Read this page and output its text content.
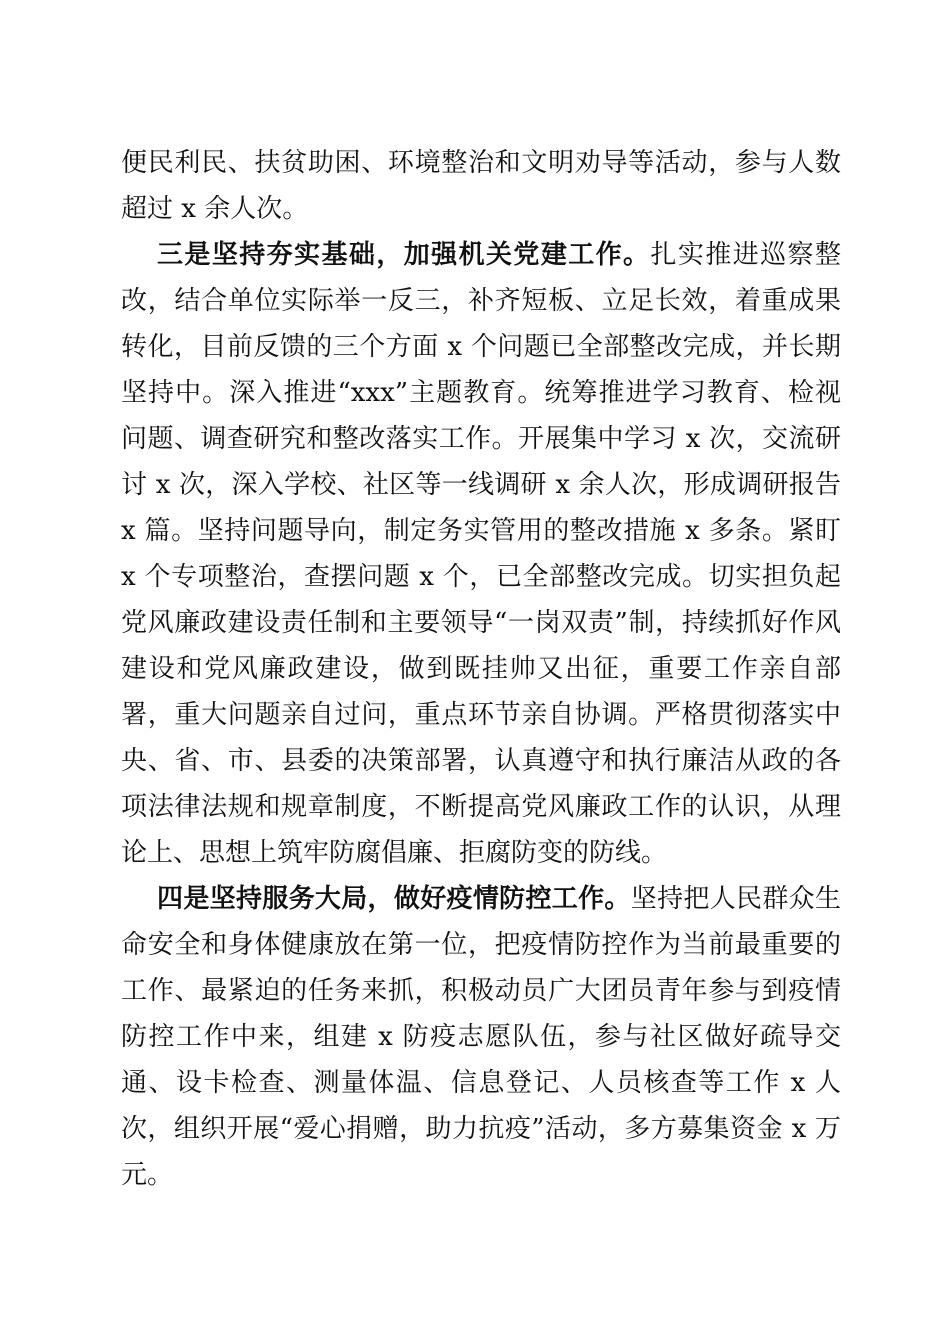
便民利民、扶贫助困、环境整治和文明劝导等活动，参与人数超过 x 余人次。

三是坚持夯实基础，加强机关党建工作。扎实推进巡察整改，结合单位实际举一反三，补齐短板、立足长效，着重成果转化，目前反馈的三个方面 x 个问题已全部整改完成，并长期坚持中。深入推进“xxx”主题教育。统筹推进学习教育、检视问题、调查研究和整改落实工作。开展集中学习 x 次，交流研讨 x 次，深入学校、社区等一线调研 x 余人次，形成调研报告 x 篇。坚持问题导向，制定务实管用的整改措施 x 多条。紧盯 x 个专项整治，查摆问题 x 个，已全部整改完成。切实担负起党风廉政建设责任制和主要领导“一岗双责”制，持续抓好作风建设和党风廉政建设，做到既挂帅又出征，重要工作亲自部署，重大问题亲自过问，重点环节亲自协调。严格贯彻落实中央、省、市、县委的决策部署，认真遵守和执行廉洁从政的各项法律法规和规章制度，不断提高党风廉政工作的认识，从理论上、思想上筑牢防腐倡廉、拒腐防变的防线。

四是坚持服务大局，做好疫情防控工作。坚持把人民群众生命安全和身体健康放在第一位，把疫情防控作为当前最重要的工作、最紧迫的任务来抓，积极动员广大团员青年参与到疫情防控工作中来，组建 x 防疫志愿队伍，参与社区做好疏导交通、设卡检查、测量体温、信息登记、人员核查等工作 x 人次，组织开展“爱心捐赠，助力抗疫”活动，多方募集资金 x 万元。
